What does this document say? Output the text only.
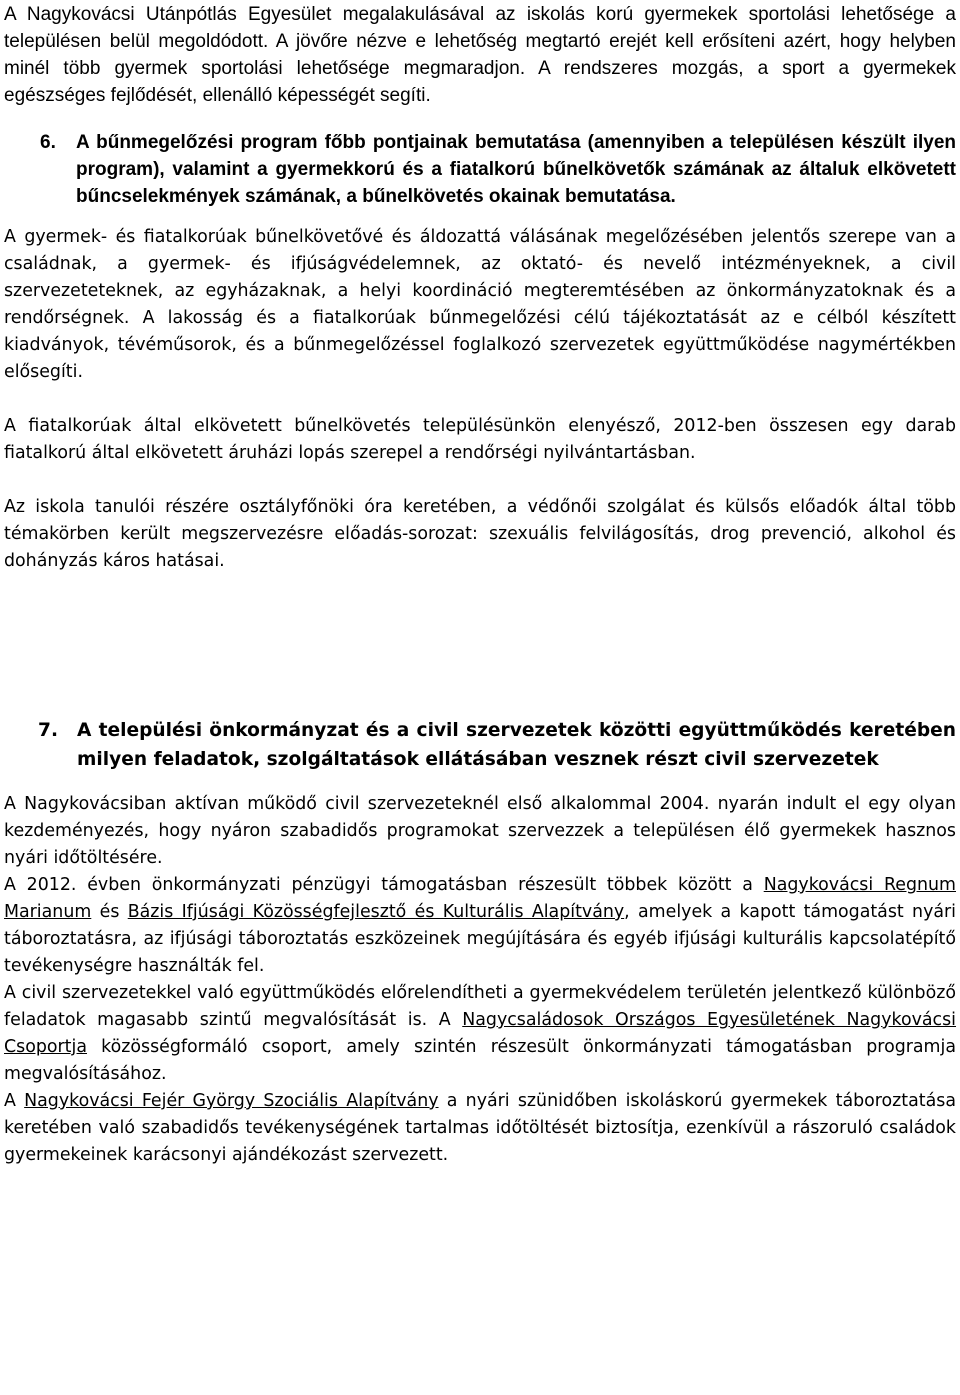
A Nagykovácsi Utánpótlás Egyesület megalakulásával az iskolás korú gyermekek sportolási lehetősége a településen belül megoldódott. A jövőre nézve e lehetőség megtartó erejét kell erősíteni azért, hogy helyben minél több gyermek sportolási lehetősége megmaradjon. A rendszeres mozgás, a sport a gyermekek egészséges fejlődését, ellenálló képességét segíti.

6.	A bűnmegelőzési program főbb pontjainak bemutatása (amennyiben a településen készült ilyen program), valamint a gyermekkorú és a fiatalkorú bűnelkövetők számának az általuk elkövetett bűncselekmények számának, a bűnelkövetés okainak bemutatása.

A gyermek- és fiatalkorúak bűnelkövetővé és áldozattá válásának megelőzésében jelentős szerepe van a családnak, a gyermek- és ifjúságvédelemnek, az oktató- és nevelő intézményeknek, a civil szervezeteteknek, az egyházaknak, a helyi koordináció megteremtésében az önkormányzatoknak és a rendőrségnek. A lakosság és a fiatalkorúak bűnmegelőzési célú tájékoztatását az e célból készített kiadványok, tévéműsorok, és a bűnmegelőzéssel foglalkozó szervezetek együttműködése nagymértékben elősegíti.

A fiatalkorúak által elkövetett bűnelkövetés településünkön elenyésző, 2012-ben összesen egy darab fiatalkorú által elkövetett áruházi lopás szerepel a rendőrségi nyilvántartásban.

Az iskola tanulói részére osztályfőnöki óra keretében, a védőnői szolgálat és külsős előadók által több témakörben került megszervezésre előadás-sorozat: szexuális felvilágosítás, drog prevenció, alkohol és dohányzás káros hatásai.

7.	A települési önkormányzat és a civil szervezetek közötti együttműködés keretében milyen feladatok, szolgáltatások ellátásában vesznek részt civil szervezetek

A Nagykovácsiban aktívan működő civil szervezeteknél első alkalommal 2004. nyarán indult el egy olyan kezdeményezés, hogy nyáron szabadidős programokat szervezzek a településen élő gyermekek hasznos nyári időtöltésére.

A 2012. évben önkormányzati pénzügyi támogatásban részesült többek között a Nagykovácsi Regnum Marianum és Bázis Ifjúsági Közösségfejlesztő és Kulturális Alapítvány, amelyek a kapott támogatást nyári táboroztatásra, az ifjúsági táboroztatás eszközeinek megújítására és egyéb ifjúsági kulturális kapcsolatépítő tevékenységre használták fel.

A civil szervezetekkel való együttműködés előrelendítheti a gyermekvédelem területén jelentkező különböző feladatok magasabb szintű megvalósítását is. A Nagycsaládosok Országos Egyesületének Nagykovácsi Csoportja közösségformáló csoport, amely szintén részesült önkormányzati támogatásban programja megvalósításához.

A Nagykovácsi Fejér György Szociális Alapítvány a nyári szünidőben iskoláskorú gyermekek táboroztatása keretében való szabadidős tevékenységének tartalmas időtöltését biztosítja, ezenkívül a rászoruló családok gyermekeinek karácsonyi ajándékozást szervezett.
